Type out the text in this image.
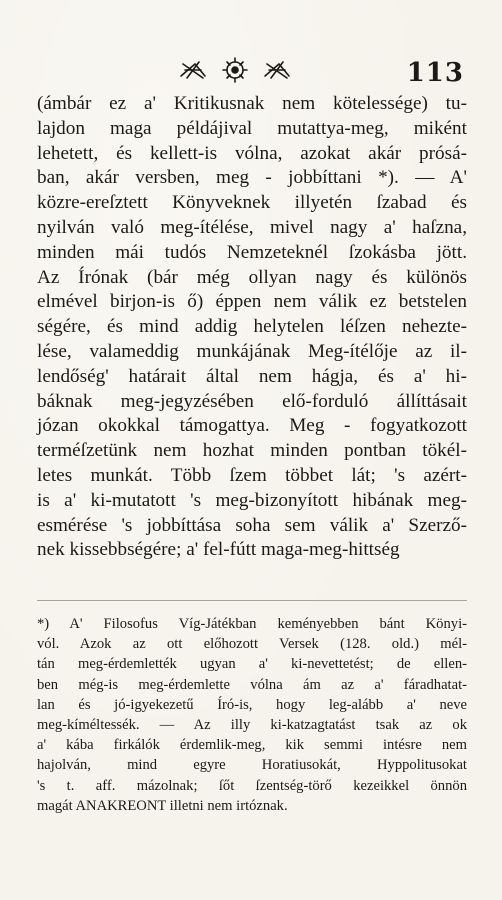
113
(ámbár ez a' Kritikusnak nem kötelessége) tu-
lajdon maga példájival mutattya-meg, miként
lehetett, és kellett-is vólna, azokat akár prósá-
ban, akár versben, meg - jobbíttani *). — A'
közre-ereſztett Könyveknek illyetén ſzabad és
nyilván való meg-ítélése, mivel nagy a' haſzna,
minden mái tudós Nemzeteknél ſzokásba jött.
Az Írónak (bár még ollyan nagy és különös
elmével birjon-is ő) éppen nem válik ez betstelen
ségére, és mind addig helytelen léſzen nehezte-
lése, valameddig munkájának Meg-ítélője az il-
lendőség' határait által nem hágja, és a' hi-
báknak meg-jegyzésében elő-forduló állíttásait
józan okokkal támogattya. Meg - fogyatkozott
terméſzetünk nem hozhat minden pontban tökél-
letes munkát. Több ſzem többet lát; 's azért-
is a' ki-mutatott 's meg-bizonyított hibának meg-
esmérése 's jobbíttása soha sem válik a' Szerző-
nek kissebbségére; a' fel-fútt maga-meg-hittség
*) A' Filosofus Víg-Játékban keményebben bánt Könyi-
vól. Azok az ott előhozott Versek (128. old.) mél-
tán meg-érdemlették ugyan a' ki-nevettetést; de ellen-
ben még-is meg-érdemlette vólna ám az a' fáradhatat-
lan és jó-igyekezetű Író-is, hogy leg-alább a' neve
meg-kíméltessék. — Az illy ki-katzagtatást tsak az ok
a' kába firkálók érdemlik-meg, kik semmi intésre nem
hajolván, mind egyre Horatiusokát, Hyppolitusokat
's t. aff. mázolnak; ſőt ſzentség-törő kezeikkel önnön
magát ANAKREONT illetni nem irtóznak.
